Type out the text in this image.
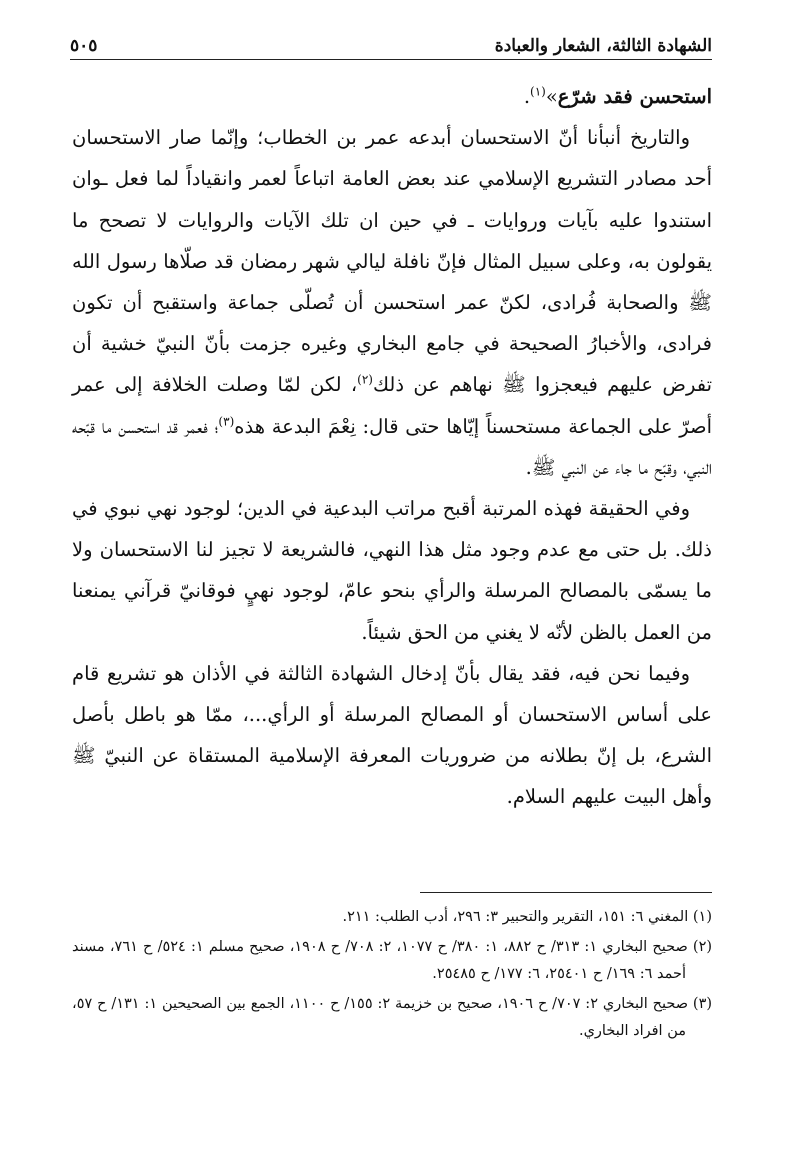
الشهادة الثالثة، الشعار والعبادة
٥٠٥

استحسن فقد شرّع»$^{(١)}$.

والتاريخ أنبأنا أنّ الاستحسان أبدعه عمر بن الخطاب؛ وإنّما صار الاستحسان أحد مصادر التشريع الإسلامي عند بعض العامة اتباعاً لعمر وانقياداً لما فعل ـوان استندوا عليه بآيات وروايات ـ في حين ان تلك الآيات والروايات لا تصحح ما يقولون به، وعلى سبيل المثال فإنّ نافلة ليالي شهر رمضان قد صلّاها رسول الله ﷺ والصحابة فُرادى، لكنّ عمر استحسن أن تُصلّى جماعة واستقبح أن تكون فرادى، والأخبارُ الصحيحة في جامع البخاري وغيره جزمت بأنّ النبيّ خشية أن تفرض عليهم فيعجزوا ﷺ نهاهم عن ذلك$^{(٢)}$، لكن لمّا وصلت الخلافة إلى عمر أصرّ على الجماعة مستحسناً إيّاها حتى قال: نِعْمَ البدعة هذه$^{(٣)}$؛ فعمر قد استحسن ما قبّحه النبي، وقبّح ما جاء عن النبي ﷺ.

وفي الحقيقة فهذه المرتبة أقبح مراتب البدعية في الدين؛ لوجود نهي نبوي في ذلك. بل حتى مع عدم وجود مثل هذا النهي، فالشريعة لا تجيز لنا الاستحسان ولا ما يسمّى بالمصالح المرسلة والرأي بنحو عامّ، لوجود نهيٍ فوقانيّ قرآني يمنعنا من العمل بالظن لأنّه لا يغني من الحق شيئاً.

وفيما نحن فيه، فقد يقال بأنّ إدخال الشهادة الثالثة في الأذان هو تشريع قام على أساس الاستحسان أو المصالح المرسلة أو الرأي...، ممّا هو باطل بأصل الشرع، بل إنّ بطلانه من ضروريات المعرفة الإسلامية المستقاة عن النبيّ ﷺ وأهل البيت عليهم السلام.

(١) المغني ٦: ١٥١، التقرير والتحبير ٣: ٢٩٦، أدب الطلب: ٢١١.

(٢) صحيح البخاري ١: ٣١٣/ ح ٨٨٢، ١: ٣٨٠/ ح ١٠٧٧، ٢: ٧٠٨/ ح ١٩٠٨، صحيح مسلم ١: ٥٢٤/ ح ٧٦١، مسند أحمد ٦: ١٦٩/ ح ٢٥٤٠١، ٦: ١٧٧/ ح ٢٥٤٨٥.

(٣) صحيح البخاري ٢: ٧٠٧/ ح ١٩٠٦، صحيح بن خزيمة ٢: ١٥٥/ ح ١١٠٠، الجمع بين الصحيحين ١: ١٣١/ ح ٥٧، من افراد البخاري.
